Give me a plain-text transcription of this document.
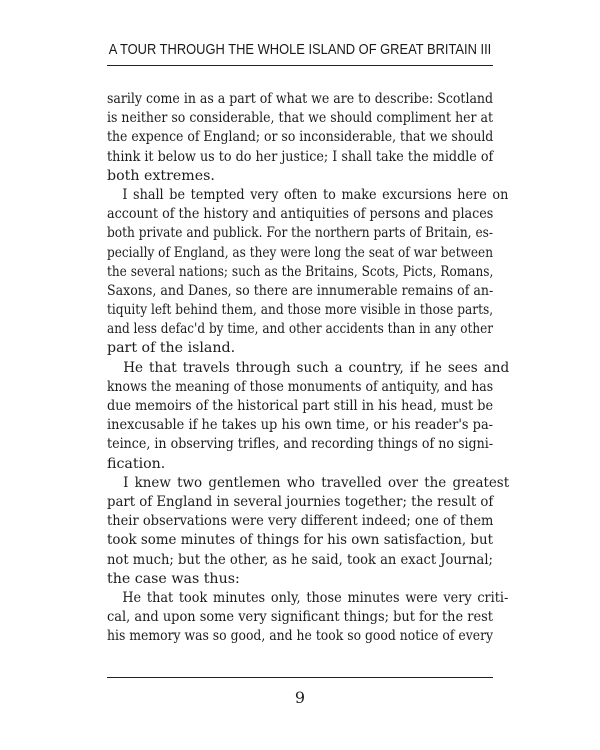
A TOUR THROUGH THE WHOLE ISLAND OF GREAT BRITAIN III
sarily come in as a part of what we are to describe: Scotland
is neither so considerable, that we should compliment her at
the expence of England; or so inconsiderable, that we should
think it below us to do her justice; I shall take the middle of
both extremes.
I shall be tempted very often to make excursions here on
account of the history and antiquities of persons and places
both private and publick. For the northern parts of Britain, es-
pecially of England, as they were long the seat of war between
the several nations; such as the Britains, Scots, Picts, Romans,
Saxons, and Danes, so there are innumerable remains of an-
tiquity left behind them, and those more visible in those parts,
and less defac'd by time, and other accidents than in any other
part of the island.
He that travels through such a country, if he sees and
knows the meaning of those monuments of antiquity, and has
due memoirs of the historical part still in his head, must be
inexcusable if he takes up his own time, or his reader's pa-
teince, in observing trifles, and recording things of no signi-
fication.
I knew two gentlemen who travelled over the greatest
part of England in several journies together; the result of
their observations were very different indeed; one of them
took some minutes of things for his own satisfaction, but
not much; but the other, as he said, took an exact Journal;
the case was thus:
He that took minutes only, those minutes were very criti-
cal, and upon some very significant things; but for the rest
his memory was so good, and he took so good notice of every
9
